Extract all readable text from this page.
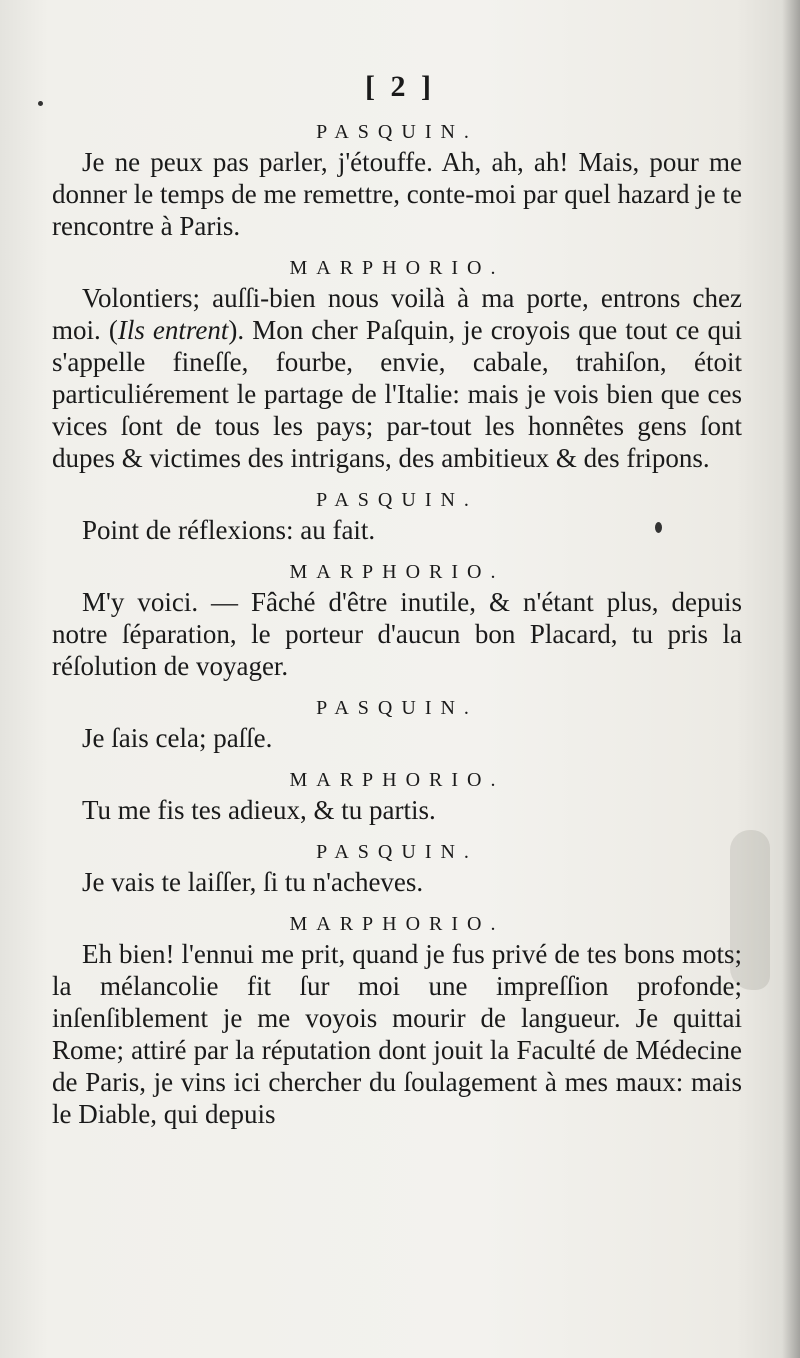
[ 2 ]

PASQUIN.

Je ne peux pas parler, j'étouffe. Ah, ah, ah! Mais, pour me donner le temps de me remettre, conte-moi par quel hazard je te rencontre à Paris.

MARPHORIO.

Volontiers; auſſi-bien nous voilà à ma porte, entrons chez moi. (Ils entrent). Mon cher Paſquin, je croyois que tout ce qui s'appelle fineſſe, fourbe, envie, cabale, trahiſon, étoit particuliérement le partage de l'Italie: mais je vois bien que ces vices ſont de tous les pays; par-tout les honnêtes gens ſont dupes & victimes des intrigans, des ambitieux & des fripons.

PASQUIN.

Point de réflexions: au fait.

MARPHORIO.

M'y voici. — Fâché d'être inutile, & n'étant plus, depuis notre ſéparation, le porteur d'aucun bon Placard, tu pris la réſolution de voyager.

PASQUIN.

Je ſais cela; paſſe.

MARPHORIO.

Tu me fis tes adieux, & tu partis.

PASQUIN.

Je vais te laiſſer, ſi tu n'acheves.

MARPHORIO.

Eh bien! l'ennui me prit, quand je fus privé de tes bons mots; la mélancolie fit ſur moi une impreſſion profonde; inſenſiblement je me voyois mourir de langueur. Je quittai Rome; attiré par la réputation dont jouit la Faculté de Médecine de Paris, je vins ici chercher du ſoulagement à mes maux: mais le Diable, qui depuis
